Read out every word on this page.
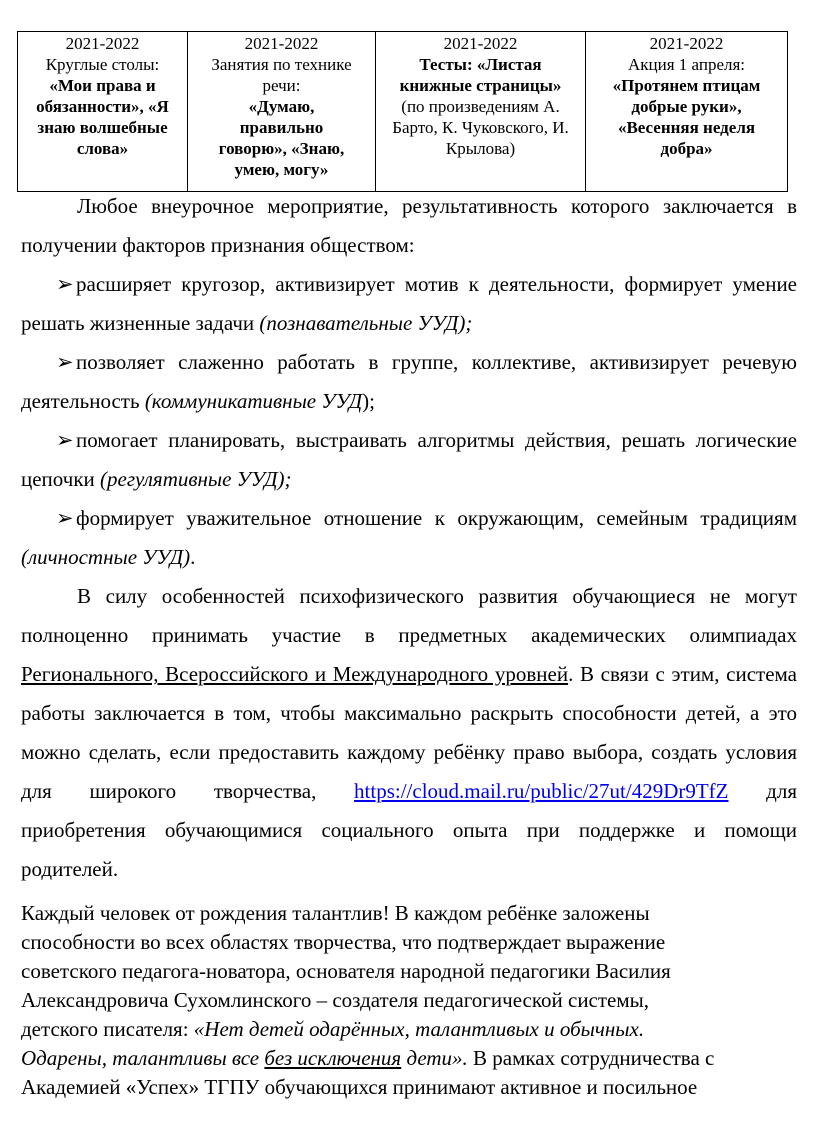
2021-2022
Круглые столы:
«Мои права и
обязанности», «Я
знаю волшебные
слова»

2021-2022
Занятия по технике
речи:
«Думаю,
правильно
говорю», «Знаю,
умею, могу»

2021-2022
Тесты: «Листая
книжные страницы»
(по произведениям А.
Барто, К. Чуковского, И.
Крылова)

2021-2022
Акция 1 апреля:
«Протянем птицам
добрые руки»,
«Весенняя неделя
добра»

Любое внеурочное мероприятие, результативность которого заключается в получении факторов признания обществом:

➢ расширяет кругозор, активизирует мотив к деятельности, формирует умение решать жизненные задачи (познавательные УУД);

➢ позволяет слаженно работать в группе, коллективе, активизирует речевую деятельность (коммуникативные УУД);

➢ помогает планировать, выстраивать алгоритмы действия, решать логические цепочки (регулятивные УУД);

➢ формирует уважительное отношение к окружающим, семейным традициям (личностные УУД).

В силу особенностей психофизического развития обучающиеся не могут полноценно принимать участие в предметных академических олимпиадах Регионального, Всероссийского и Международного уровней. В связи с этим, система работы заключается в том, чтобы максимально раскрыть способности детей, а это можно сделать, если предоставить каждому ребёнку право выбора, создать условия для широкого творчества, https://cloud.mail.ru/public/27ut/429Dr9TfZ для приобретения обучающимися социального опыта при поддержке и помощи родителей.

Каждый человек от рождения талантлив! В каждом ребёнке заложены

способности во всех областях творчества, что подтверждает выражение

советского педагога-новатора, основателя народной педагогики Василия

Александровича Сухомлинского – создателя педагогической системы,

детского писателя: «Нет детей одарённых, талантливых и обычных.

Одарены, талантливы все без исключения дети». В рамках сотрудничества с

Академией «Успех» ТГПУ обучающихся принимают активное и посильное
